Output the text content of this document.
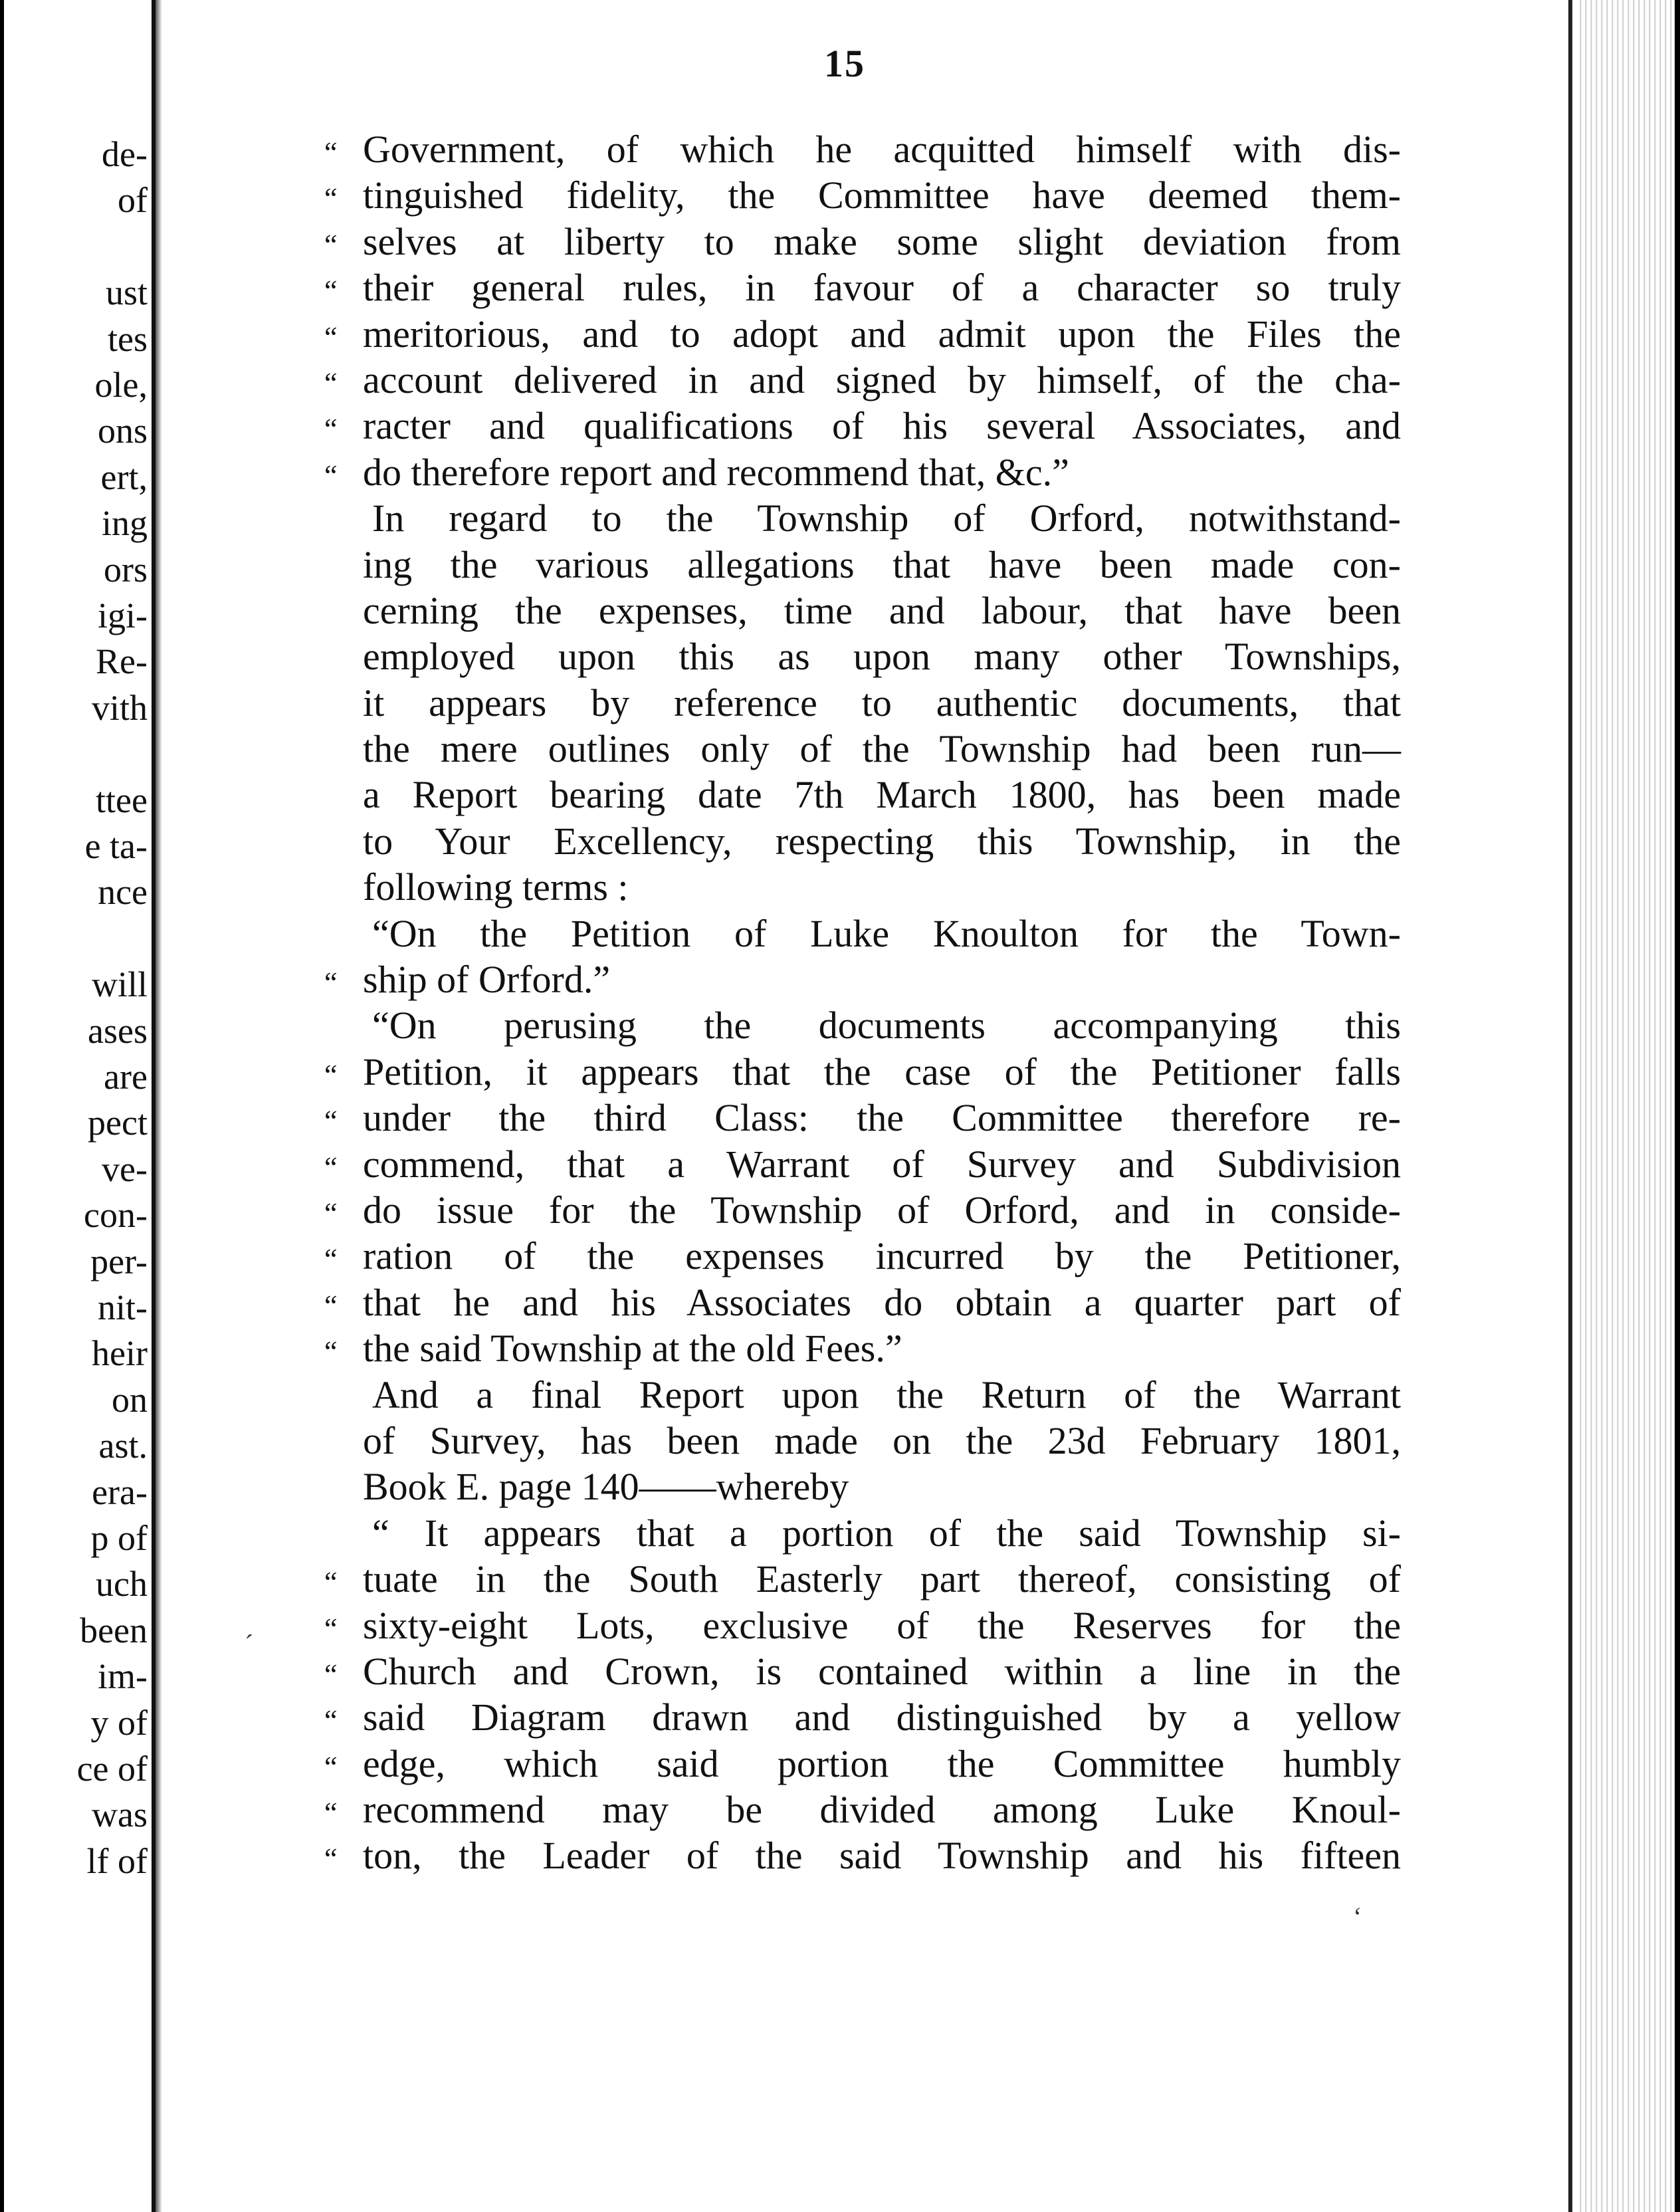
de-
of
ust
tes
ole,
ons
ert,
ing
ors
igi-
Re-
vith
ttee
e ta-
nce
will
ases
are
pect
ve-
con-
per-
nit-
heir
on
ast.
era-
p of
uch
been
im-
y of
ce of
was
lf of
15
“ Government, of which he acquitted himself with dis-
“ tinguished fidelity, the Committee have deemed them-
“ selves at liberty to make some slight deviation from
“ their general rules, in favour of a character so truly
“ meritorious, and to adopt and admit upon the Files the
“ account delivered in and signed by himself, of the cha-
“ racter and qualifications of his several Associates, and
“ do therefore report and recommend that, &c.”
In regard to the Township of Orford, notwithstand-
ing the various allegations that have been made con-
cerning the expenses, time and labour, that have been
employed upon this as upon many other Townships,
it appears by reference to authentic documents, that
the mere outlines only of the Township had been run—
a Report bearing date 7th March 1800, has been made
to Your Excellency, respecting this Township, in the
following terms :
“On the Petition of Luke Knoulton for the Town-
“ ship of Orford.”
“On perusing the documents accompanying this
“ Petition, it appears that the case of the Petitioner falls
“ under the third Class: the Committee therefore re-
“ commend, that a Warrant of Survey and Subdivision
“ do issue for the Township of Orford, and in conside-
“ ration of the expenses incurred by the Petitioner,
“ that he and his Associates do obtain a quarter part of
“ the said Township at the old Fees.”
And a final Report upon the Return of the Warrant
of Survey, has been made on the 23d February 1801,
Book E. page 140——whereby
“ It appears that a portion of the said Township si-
“ tuate in the South Easterly part thereof, consisting of
“ sixty-eight Lots, exclusive of the Reserves for the
“ Church and Crown, is contained within a line in the
“ said Diagram drawn and distinguished by a yellow
“ edge, which said portion the Committee humbly
“ recommend may be divided among Luke Knoul-
“ ton, the Leader of the said Township and his fifteen
´
ʻ
